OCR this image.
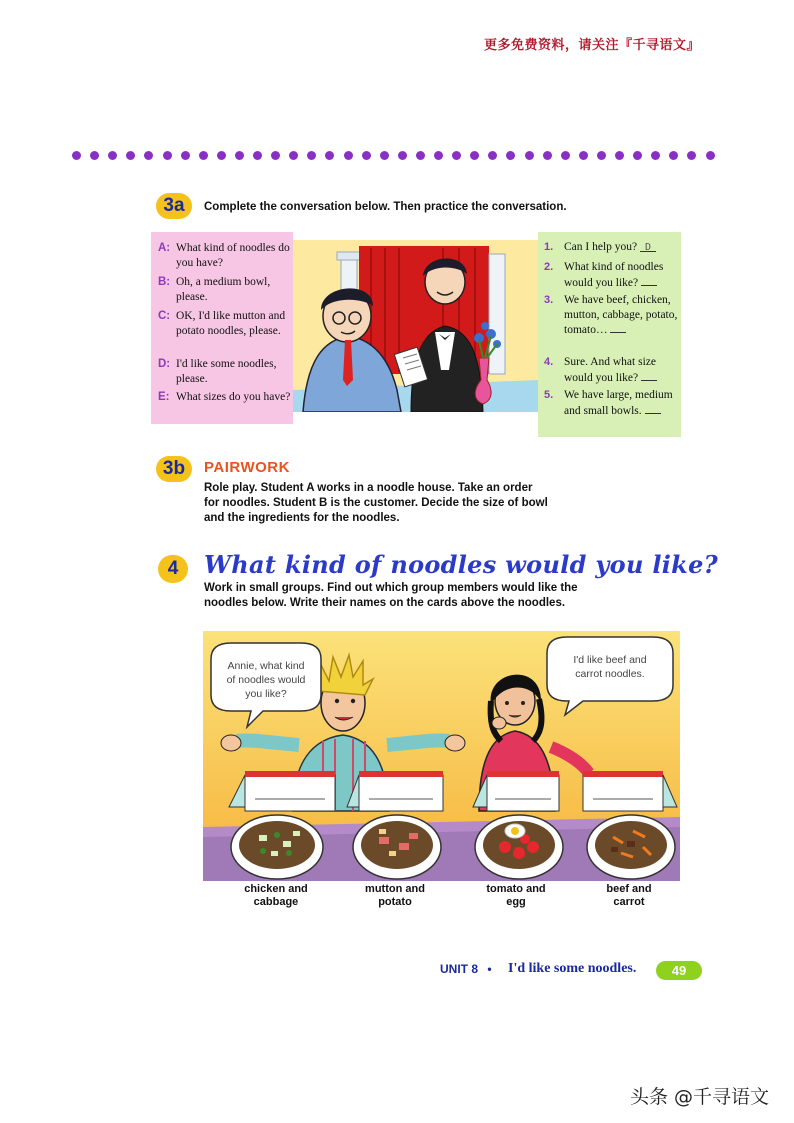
更多免费资料，请关注『千寻语文』
3a	Complete the conversation below. Then practice the conversation.
A: What kind of noodles do you have?
B: Oh, a medium bowl, please.
C: OK, I'd like mutton and potato noodles, please.
D: I'd like some noodles, please.
E: What sizes do you have?
1. Can I help you? D
2. What kind of noodles would you like?
3. We have beef, chicken, mutton, cabbage, potato, tomato…
4. Sure. And what size would you like?
5. We have large, medium and small bowls.
3b	PAIRWORK
Role play. Student A works in a noodle house. Take an order
for noodles. Student B is the customer. Decide the size of bowl
and the ingredients for the noodles.
4	What kind of noodles would you like?
Work in small groups. Find out which group members would like the
noodles below. Write their names on the cards above the noodles.
Annie, what kind
of noodles would
you like?
I'd like beef and
carrot noodles.
chicken and
cabbage
mutton and
potato
tomato and
egg
beef and
carrot
UNIT 8 • I'd like some noodles.	49
头条 @千寻语文
